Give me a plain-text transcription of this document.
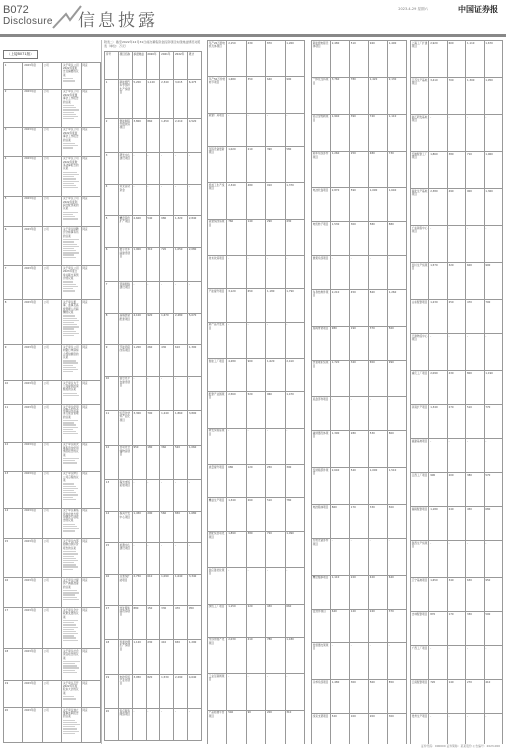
B072
Disclosure 信息披露
2023-4-29 星期六	中国证券报
（上接B071版）
1	2023年度	公司	关于审议公司2022年度报告及摘要的议案	同意
2	2023年度	公司	关于审议公司2022年度董事会工作报告的议案	同意
3	2023年度	公司	关于审议公司2022年度监事会工作报告的议案	同意
4	2023年度	公司	关于审议公司2022年度财务决算报告的议案	同意
5	2023年度	公司	关于审议公司2022年度利润分配预案的议案	同意
6	2023年度	公司	关于审议续聘会计师事务所的议案	同意
7	2023年度	公司	关于审议公司2023年度日常关联交易预计的议案	同意
8	2023年度	公司	关于审议董事、监事及高级管理人员薪酬的议案	同意
9	2023年度	公司	关于审议公司向银行申请综合授信额度的议案	同意
10	2023年度	公司	关于审议为子公司提供担保额度的议案	同意
11	2023年度	公司	关于审议使用闲置自有资金进行现金管理的议案	同意
12	2023年度	公司	关于审议前次募集资金使用情况报告的议案	同意
13	2023年度	公司	关于审议修订公司章程的议案	同意
14	2023年度	公司	关于审议募集资金存放与使用情况专项报告的议案	同意
15	2023年度	公司	关于审议内部控制自我评价报告的议案	同意
16	2023年度	公司	关于审议计提资产减值准备的议案	同意
17	2023年度	公司	关于审议会计政策变更的议案	同意
18	2023年度	公司	关于审议社会责任报告的议案	同意
19	2023年度	公司	关于审议召开2022年年度股东大会的议案	同意
20	2023年度	公司	关于审议独立董事述职报告的议案	同意
附表二：截至2022年12月31日前次募集资金投资项目实现效益情况对照表（单位：万元）
序号	项目名称	承诺效益	2020年	2021年	2022年	累计
1	新能源汽车零部件生产线项目	5,200	1,120	2,340	3,015	6,475
2	智能制造升级改造项目	3,800	860	1,450	2,210	4,520
3	研发中心建设项目	-	-	-	-	-
4	补充流动资金	-	-	-	-	-
5	精密铸件扩产项目	2,600	540	980	1,320	2,840
6	数字化车间建设项目	1,900	310	720	1,050	2,080
7	营销网络建设项目	-	-	-	-	-
8	高端装备配套项目	4,100	920	1,670	2,480	5,070
9	节能环保改造项目	1,200	260	430	610	1,300
10	信息化平台建设项目	-	-	-	-	-
11	轻量化材料产业化项目	3,300	700	1,240	1,860	3,800
12	自动化仓储物流项目	950	180	360	520	1,060
13	海外市场拓展项目	-	-	-	-	-
14	模具开发中心项目	1,450	290	560	830	1,680
15	检测中心建设项目	-	-	-	-	-
16	总装线扩能项目	2,750	610	1,090	1,640	3,340
17	热处理车间改造项目	880	150	330	470	950
18	表面处理生产线项目	1,120	230	410	650	1,290
19	电控系统产业化项目	3,950	820	1,530	2,290	4,640
20	售后服务网络项目	-	-	-	-	-
年产20万套电机壳体项目	2,150	430	870	1,260
年产50万件转向节项目	1,680	350	640	990
新建厂房项目	-	-	-	-
压铸设备更新项目	1,020	210	390	580
机加工生产线项目	2,340	480	910	1,370
涂装线改造项目	760	140	290	430
技术改造项目	-	-	-	-
产能提升项目	3,120	650	1,180	1,790
新产品开发项目	-	-	-	-
智能工厂项目	4,280	900	1,620	2,410
配套产业园项目	2,560	520	960	1,470
研发实验室项目	-	-	-	-
质量提升项目	680	120	250	390
精益生产项目	1,340	260	510	780
装配线自动化项目	1,890	380	720	1,090
供应链优化项目	-	-	-	-
绿色工厂项目	1,150	220	430	660
零部件国产化项目	2,030	410	780	1,180
工业互联网项目	-	-	-	-
产品检测平台项目	540	90	200	310
新能源电驱壳体项目	2,480	510	940	1,400
一体化压铸项目	3,760	780	1,420	2,130
铝合金轮毂项目	1,940	390	740	1,110
刹车系统部件项目	1,260	250	480	730
电池托盘项目	2,870	590	1,090	1,640
电机转子项目	1,530	300	580	880
悬架系统项目	-	-	-	-
车身结构件项目	2,210	450	840	1,260
座椅骨架项目	980	190	370	560
热管理系统项目	1,720	340	650	990
底盘部件项目	-	-	-	-
减速器壳体项目	1,390	280	530	800
变速箱部件项目	2,640	540	1,000	1,510
电控箱体项目	860	170	330	500
充电设备部件项目	-	-	-	-
精密轴承项目	1,110	220	420	640
密封件项目	640	120	240	370
传感器支架项目	-	-	-	-
冷却系统项目	1,480	300	560	850
线束支架项目	520	100	200	300
上海工厂扩建项目	2,920	600	1,110	1,670
江苏生产基地项目	3,410	700	1,300	1,950
浙江研发基地项目	-	-	-	-
安徽配套工厂项目	1,860	380	710	1,060
湖北生产基地项目	2,380	490	900	1,360
广东销售中心项目	-	-	-	-
四川生产线项目	1,570	320	600	900
山东配套项目	1,230	250	470	700
天津物流中心项目	-	-	-	-
重庆工厂项目	2,090	430	800	1,190
河南扩产项目	1,340	270	510	770
福建基地项目	-	-	-	-
江西工厂项目	990	200	380	570
湖南配套项目	1,180	240	450	680
陕西生产线项目	-	-	-	-
辽宁基地项目	1,650	340	630	950
吉林配套项目	870	170	330	500
广西工厂项目	-	-	-	-
云南配套项目	720	140	270	410
贵州生产项目	-	-	-	-
证券代码：000000 证券简称：某某股份 公告编号：2023-000
